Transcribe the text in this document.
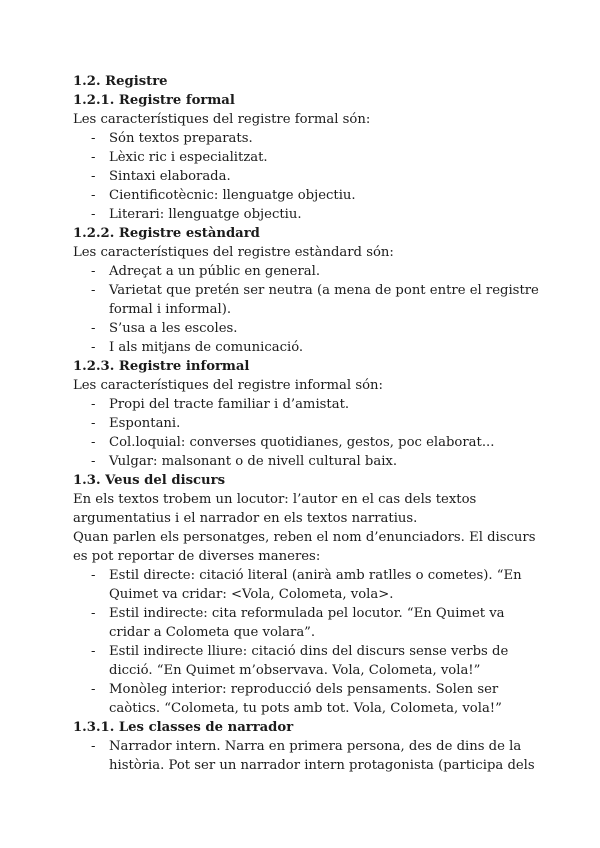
1.2. Registre
1.2.1. Registre formal
Les característiques del registre formal són:
- Són textos preparats.
- Lèxic ric i especialitzat.
- Sintaxi elaborada.
- Cientificotècnic: llenguatge objectiu.
- Literari: llenguatge objectiu.
1.2.2. Registre estàndard
Les característiques del registre estàndard són:
- Adreçat a un públic en general.
- Varietat que pretén ser neutra (a mena de pont entre el registre formal i informal).
- S’usa a les escoles.
- I als mitjans de comunicació.
1.2.3. Registre informal
Les característiques del registre informal són:
- Propi del tracte familiar i d’amistat.
- Espontani.
- Col.loquial: converses quotidianes, gestos, poc elaborat...
- Vulgar: malsonant o de nivell cultural baix.
1.3. Veus del discurs
En els textos trobem un locutor: l’autor en el cas dels textos argumentatius i el narrador en els textos narratius.
Quan parlen els personatges, reben el nom d’enunciadors. El discurs es pot reportar de diverses maneres:
- Estil directe: citació literal (anirà amb ratlles o cometes). “En Quimet va cridar: <Vola, Colometa, vola>.
- Estil indirecte: cita reformulada pel locutor. “En Quimet va cridar a Colometa que volara”.
- Estil indirecte lliure: citació dins del discurs sense verbs de dicció. “En Quimet m’observava. Vola, Colometa, vola!”
- Monòleg interior: reproducció dels pensaments. Solen ser caòtics. “Colometa, tu pots amb tot. Vola, Colometa, vola!”
1.3.1. Les classes de narrador
- Narrador intern. Narra en primera persona, des de dins de la història. Pot ser un narrador intern protagonista (participa dels
